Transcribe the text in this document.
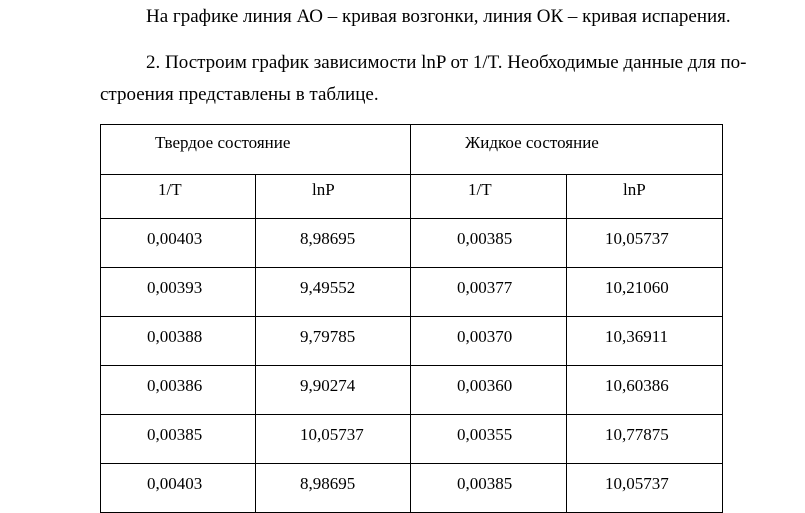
На графике линия АО – кривая возгонки, линия ОК – кривая испарения.
2. Построим график зависимости lnP от 1/T. Необходимые данные для по-
строения представлены в таблице.
Твердое состояние		Жидкое состояние	

1/T	lnP	1/T	lnP

0,00403	8,98695	0,00385	10,05737

0,00393	9,49552	0,00377	10,21060

0,00388	9,79785	0,00370	10,36911

0,00386	9,90274	0,00360	10,60386

0,00385	10,05737	0,00355	10,77875

0,00403	8,98695	0,00385	10,05737
